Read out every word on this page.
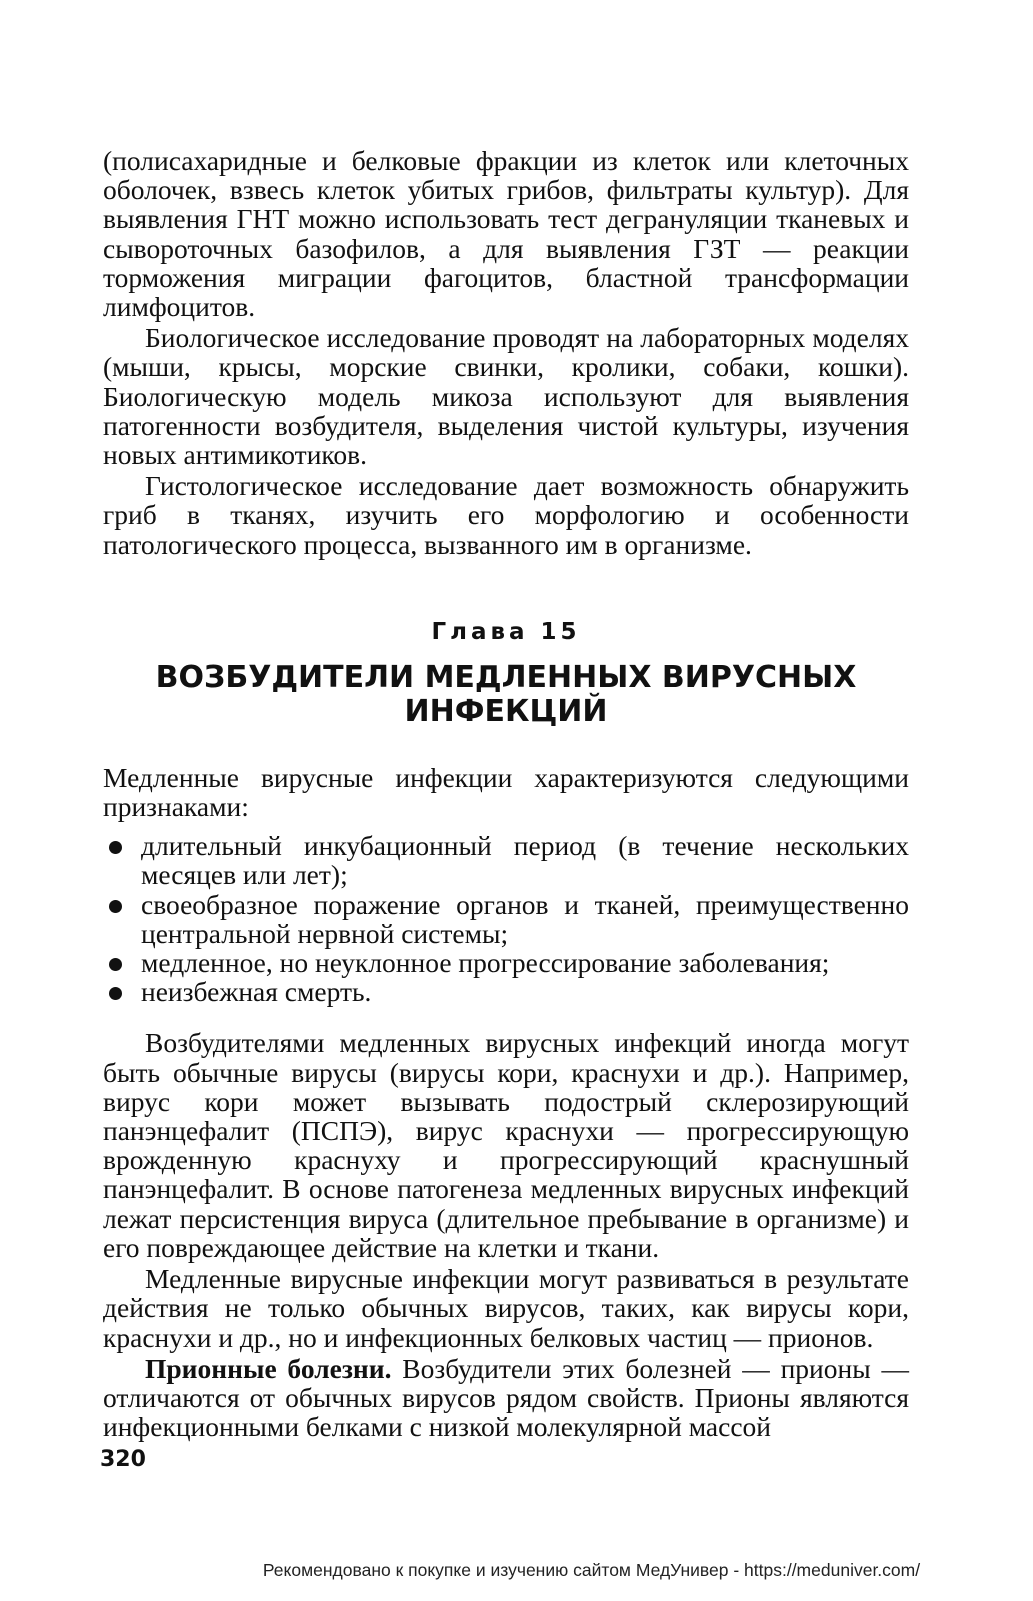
(полисахаридные и белковые фракции из клеток или клеточных оболочек, взвесь клеток убитых грибов, фильтраты культур). Для выявления ГНТ можно использовать тест дегрануляции тканевых и сывороточных базофилов, а для выявления ГЗТ — реакции торможения миграции фагоцитов, бластной трансформации лимфоцитов.

Биологическое исследование проводят на лабораторных моделях (мыши, крысы, морские свинки, кролики, собаки, кошки). Биологическую модель микоза используют для выявления патогенности возбудителя, выделения чистой культуры, изучения новых антимикотиков.

Гистологическое исследование дает возможность обнаружить гриб в тканях, изучить его морфологию и особенности патологического процесса, вызванного им в организме.

Глава 15
ВОЗБУДИТЕЛИ МЕДЛЕННЫХ ВИРУСНЫХ
ИНФЕКЦИЙ

Медленные вирусные инфекции характеризуются следующими признаками:

длительный инкубационный период (в течение нескольких месяцев или лет);
своеобразное поражение органов и тканей, преимущественно центральной нервной системы;
медленное, но неуклонное прогрессирование заболевания;
неизбежная смерть.

Возбудителями медленных вирусных инфекций иногда могут быть обычные вирусы (вирусы кори, краснухи и др.). Например, вирус кори может вызывать подострый склерозирующий панэнцефалит (ПСПЭ), вирус краснухи — прогрессирующую врожденную краснуху и прогрессирующий краснушный панэнцефалит. В основе патогенеза медленных вирусных инфекций лежат персистенция вируса (длительное пребывание в организме) и его повреждающее действие на клетки и ткани.

Медленные вирусные инфекции могут развиваться в результате действия не только обычных вирусов, таких, как вирусы кори, краснухи и др., но и инфекционных белковых частиц — прионов.

Прионные болезни. Возбудители этих болезней — прионы — отличаются от обычных вирусов рядом свойств. Прионы являются инфекционными белками с низкой молекулярной массой

320
Рекомендовано к покупке и изучению сайтом МедУнивер - https://meduniver.com/
